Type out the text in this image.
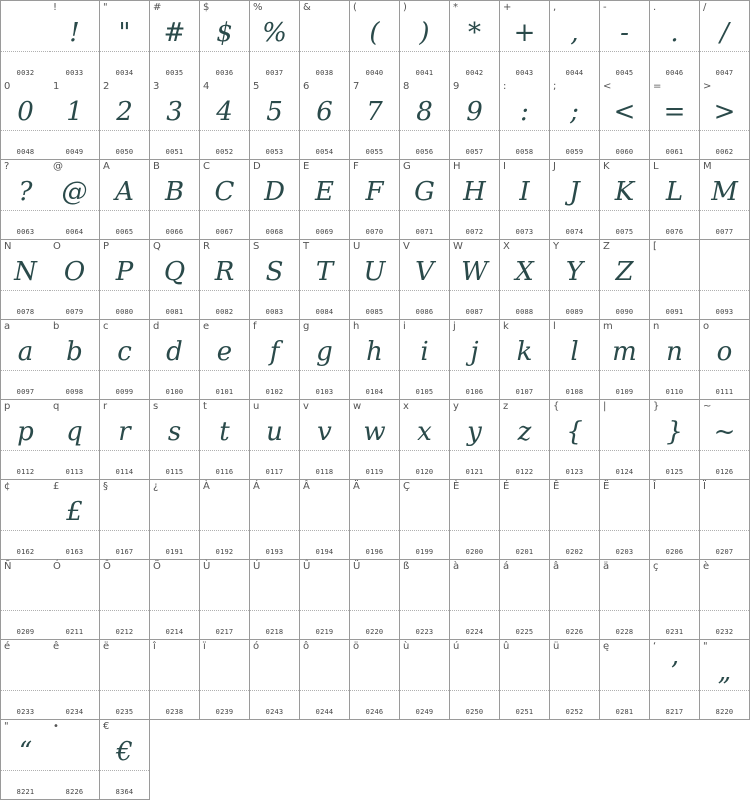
0032
!
!
0033
"
"
0034
#
#
0035
$
$
0036
%
%
0037
&
0038
(
(
0040
)
)
0041
*
*
0042
+
+
0043
,
,
0044
-
-
0045
.
.
0046
/
/
0047
0
0
0048
1
1
0049
2
2
0050
3
3
0051
4
4
0052
5
5
0053
6
6
0054
7
7
0055
8
8
0056
9
9
0057
:
:
0058
;
;
0059
<
<
0060
=
=
0061
>
>
0062
?
?
0063
@
@
0064
A
A
0065
B
B
0066
C
C
0067
D
D
0068
E
E
0069
F
F
0070
G
G
0071
H
H
0072
I
I
0073
J
J
0074
K
K
0075
L
L
0076
M
M
0077
N
N
0078
O
O
0079
P
P
0080
Q
Q
0081
R
R
0082
S
S
0083
T
T
0084
U
U
0085
V
V
0086
W
W
0087
X
X
0088
Y
Y
0089
Z
Z
0090
[
0091	0093
a
a
0097
b
b
0098
c
c
0099
d
d
0100
e
e
0101
f
f
0102
g
g
0103
h
h
0104
i
i
0105
j
j
0106
k
k
0107
l
l
0108
m
m
0109
n
n
0110
o
o
0111
p
p
0112
q
q
0113
r
r
0114
s
s
0115
t
t
0116
u
u
0117
v
v
0118
w
w
0119
x
x
0120
y
y
0121
z
z
0122
{
{
0123
|
0124
}
}
0125
~
~
0126
¢
0162
£
£
0163
§
0167
¿
0191
À
0192
Á
0193
Â
0194
Ä
0196
Ç
0199
È
0200
É
0201
Ê
0202
Ë
0203
Î
0206
Ï
0207
Ñ
0209
Ó
0211
Ô
0212
Ö
0214
Ù
0217
Ú
0218
Û
0219
Ü
0220
ß
0223
à
0224
á
0225
â
0226
ä
0228
ç
0231
è
0232
é
0233
ê
0234
ë
0235
î
0238
ï
0239
ó
0243
ô
0244
ö
0246
ù
0249
ú
0250
û
0251
ü
0252
ę
0281
‘
’
8217
"
„
8220
"
“
8221
•
8226
€
€
8364
